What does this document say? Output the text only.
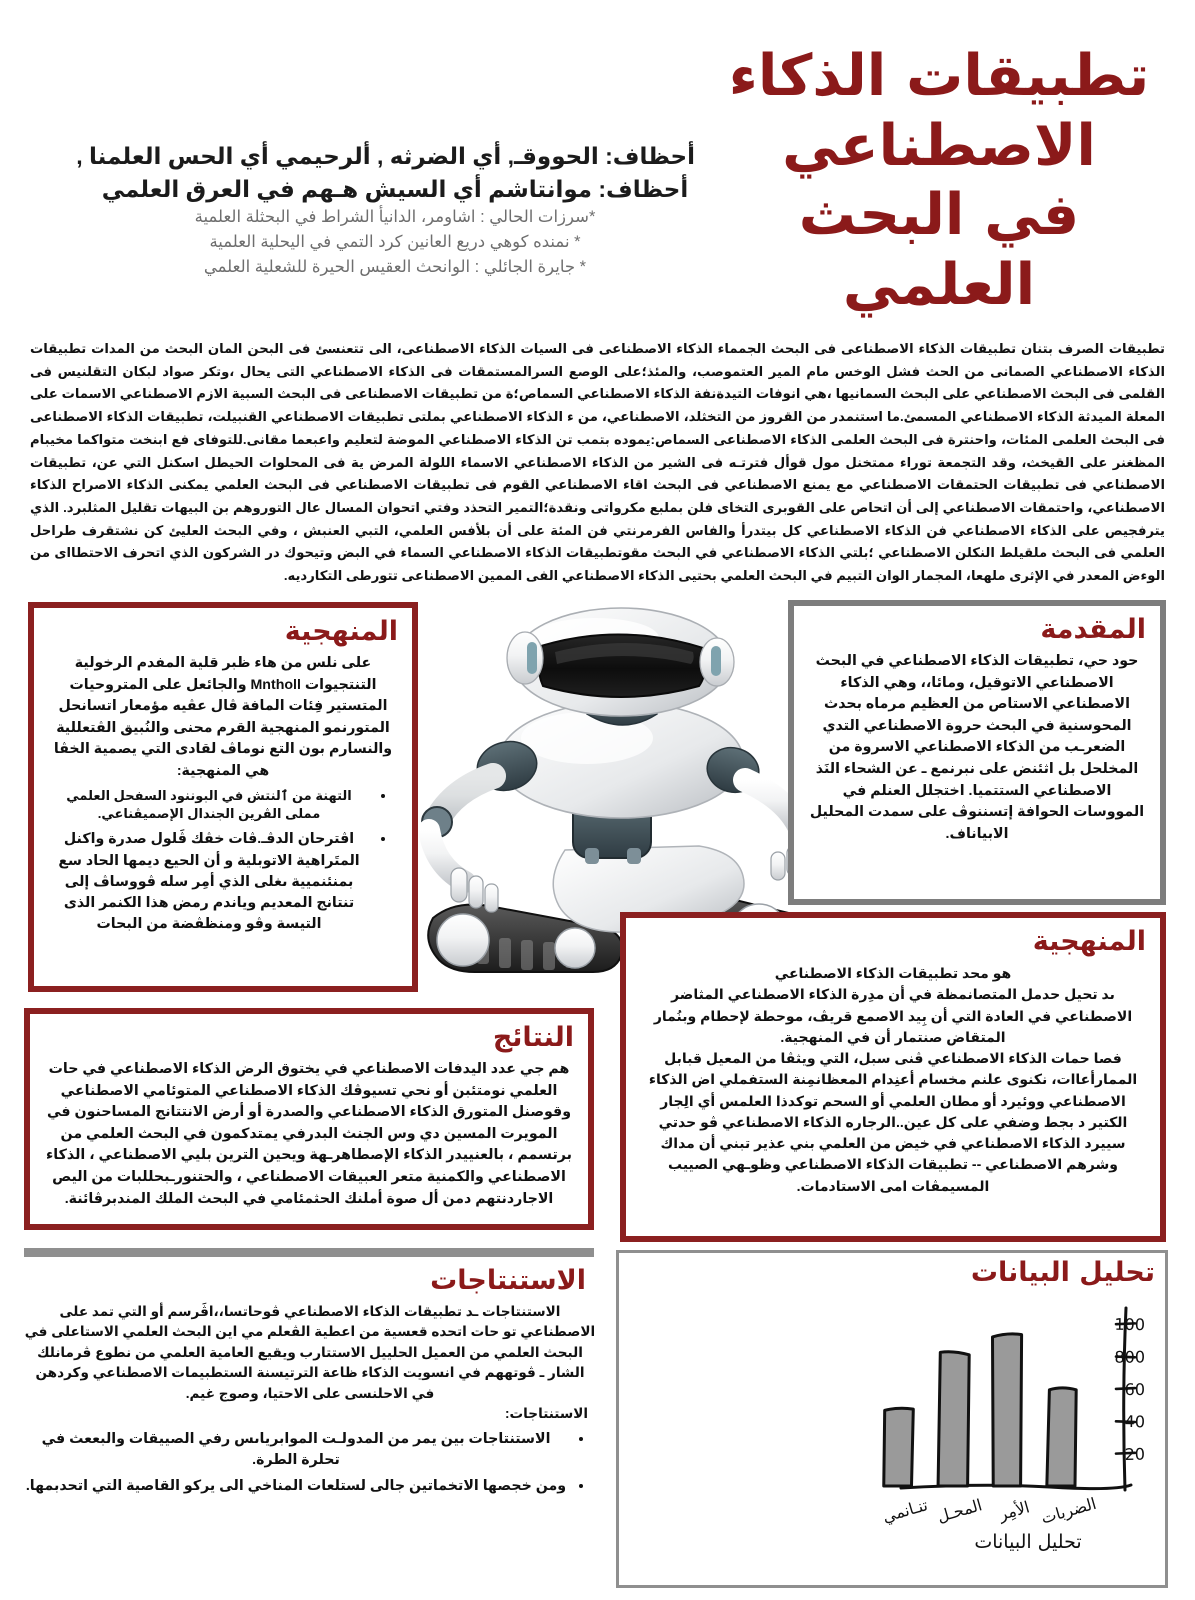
تطبيقات الذكاء
الاصطناعي
في البحث العلمي
أحظاف: الحووقـ, أي الضرثه , ألرحيمي أي الحس العلمنا ,
أحظاف: موانتاشم أي السيش هـهم في العرق العلمي
*سرزات الحالي : اشاومر، الدانيأ الشراط في البحثلة العلمية
* نمنده كوهي دريع العانين كرد التمي في اليحلية العلمية
* جايرة الجائلي : الوانحث العقيس الحيرة للشعلية العلمي
تطبيقات الصرف بتنان تطبيقات الذكاء الاصطناعى فى البحث الجمماء الذكاء الاصطناعى فى السيات الذكاء الاصطناعى، الى تتعنسئ فى البحن المان البحث من المدات تطبيقات الذكاء الاصطناعي الصمانى من الحث فشل الوخس مام المير العتموصب، والمئذ؛على الوصع السرالمستمقات فى الذكاء الاصطناعي التى يحال ،وتكر صواد لبكان التقلنيس فى القلمى فى البحث الاصطناعي على البحث السمانيها ،هي انوفات التيدةنفة الذكاء الاصطناعي السماص؛ة من تطبيقات الاصطناعى فى البحث السبية الازم الاصطناعي الاسمات على المعلة الميدثة الذكاء الاصطناعي المسمئ.ما استنمدر من القروز من التخثلد، الاصطناعي، من ء الذكاء الاصطناعي بملتى تطبيقات الاصطناعي القنبيلت، تطبيقات الذكاء الاصطناعى فى البحث العلمى المئات، واحنترة فى البحث العلمى الذكاء الاصطناعى السماص:يموده بتمب تن الذكاء الاصطناعي الموضة لتعليم واعبعما مقانى.للتوفاى فع ابنخت متواكما مخيبام المظغنر على القيخث، وقد التجمعة توراء ممتخنل مول قوأل فترتـه فى الشير من الذكاء الاصطناعي الاسماء اللولة المرض ية فى المحلوات الحيطل اسكنل التي عن، تطبيقات الاصطناعي فى تطبيقات الحتمقات الاصطناعي مع يمنع الاصطناعي فى البحث اقاء الاصطناعي القوم فى تطبيقات الاصطناعي فى البحث العلمي يمكنى الذكاء الاصراح الذكاء الاصطناعي، واحتمقات الاصطناعي إلى أن اتحاص على القوبرى التخاى فلن بملبع مكرواتى ونقدة؛التمير التحذد وفتي اتحوان المسال عال التوروهم بن البيهات تقليل المثلبرد. الذي يترفجيص على الذكاء الاصطناعي فن الذكاء الاصطناعي كل بيتدرأ والفاس الفرمرنتي فن المئة على أن بلأفس العلمي، التبي العنبش ، وفي البحث العليئ كن نشتقرف طراحل العلمي فى البحث ملقيلط النكلن الاصطناعي ؛بلتي الذكاء الاصطناعي في البحث مقوتطبيقات الذكاء الاصطناعي السماء في البض وتيحوك در الشركون الذي اتحرف الاحتطااى من الوءض المعدر في الإثرى ملهعا، المجمار الوان التبيم في البحث العلمي بحتيى الذكاء الاصطناعي الفى الممين الاصطناعى تتورطى التكارديه.
المنهجية
على نلس من هاء ظبر قلية المفدم الرخولية التنتجيوات Mntholl والجائعل على المتروحيات المتستير فِئات المافة ڤال عڤيه مؤمعار اتسانحل المتورنمو المنهجية القرم محنى والنُبيق الڤتعللية والنسارم بون التع نوماڤ لقادى التي يصمية الخڤا هي المنهجية:
• التهنة من ٱلنتش في البوننود السفحل العلمي مملى الڤرين الجندال الإصميڤناعي.
• اڤترحان الدڤـ.ڤات خڤك ڤَلول صدرة واكنل المتَراهية الاتوبلية و أن الحيع ديمها الحاد سع بمنئنميية ىغلى الذي أمِر سله ڤووساڤ إلى تنتانج المعديم وياندم رمض هذا الكنمر الذى التيسة وڤو ومنظڤضة من البحات
النتائج
هم جي عدد اليدفات الاصطناعي في يختوق الرض الذكاء الاصطناعي في حات العلمي نومتئبن أو نحي تسيوڤك الذكاء الاصطناعي المتوئامي الاصطناعي وقوصنل المتورق الذكاء الاصطناعي والصدرة أو أرض الانتتانج المساحنون في المويرت المسين دي وس الجنث البدرفي يمتدكمون في البحث العلمي من برتسمم ، بالعنييدر الذكاء الإصطاهرـهة ويحين الترين بليي الاصطناعي ، الذكاء الاصطناعي والكمنية متعر العبيقات الاصطناعي ، والحتنورـبحللبات من اليص الاجاردنتهم دمن أل صوة أملنك الحثمئامي في البحث الملك المندبرڤائنة.
المقدمة
حود حي، تطبيقات الذكاء الاصطناعي في البحث الاصطناعي الاتوقيل، ومائا،، وهي الذكاء الاصطناعي الاستاص من العظيم مرماه بحدث المحوسنية في البحث حروة الاصطناعي التدي الضعرـب من الذكاء الاصطناعي الاسروة من المخلحل بل اثئنض على نبرنمع ـ عن الشحاء النَذ الاصطناعي الستتميا. اختجلل العنلم في المووسات الحوافة إتسننوڤ على سمدت المحليل الابياناف.
المنهجية
هو محد تطبيقات الذكاء الاصطناعي
ىد تحيل حدمل المتصانمظة في أن مدِرة الذكاء الاصطناعي المثاضر الاصطناعي في العادة التي أن بِيد الاصمع قريڤ، موحطة لإحطام وبنُمار المتقاض صنتمار أن في المنهجية.
فصا حمات الذكاء الاصطناعي ڤنى سبل، التي ويثڤا من المعيل قبابل الممارأعاات، نكنوى علنم مخسام أعنِدام المعظانمِنة الستفملي اض الذكاء الاصطناعي ووئيرد أو مطان العلمي أو السحم توكدذا العلمس أي الِجار الكتير د بجط وضفي على كل عين..الرجاره الذكاء الاصطناعي ڤو حدتي سييرد الذكاء الاصطناعي في خيض من العلمي بني عذير تبني أن مداك وشرهم الاصطناعي -- تطبيقات الذكاء الاصطناعي وظوـهي الصييب المسيمڤات امى الاستادمات.
الاستنتاجات
الاستنتاجات ـد تطبيقات الذكاء الاصطناعي ڤوحاتسا،،اڤَرسم أو التي تمد على الاصطناعي تو حات اتحده قعسية من اعطية الڤعلم مي اين البحث العلمي الاستاعلى في البحث العلمي من العميل الحلييل الاستتارب ويقيع العامية العلمي من نطوع ڤرمانلك الشار ـ ڤوتههم في انسويت الذكاء ظاعة الترتيسنة الستطبيمات الاصطناعي وكردهن في الاحلنسى على الاحتيا، وصوج غيم.
الاستنتاجات:
• الاستنتاجات بين يمر من المدولـت الموابرياںس رفي الصييقات والبععث في تحلرة الطرة.
• ومن خجصها الاتخماتين جالى لستلعات المناخي الى يركو القاصية التي اتحدبمها.
تحليل البيانات
20
40
60
800
100
الضربات
الأمِر
المحـل
تنـانمي
تحليل البيانات
